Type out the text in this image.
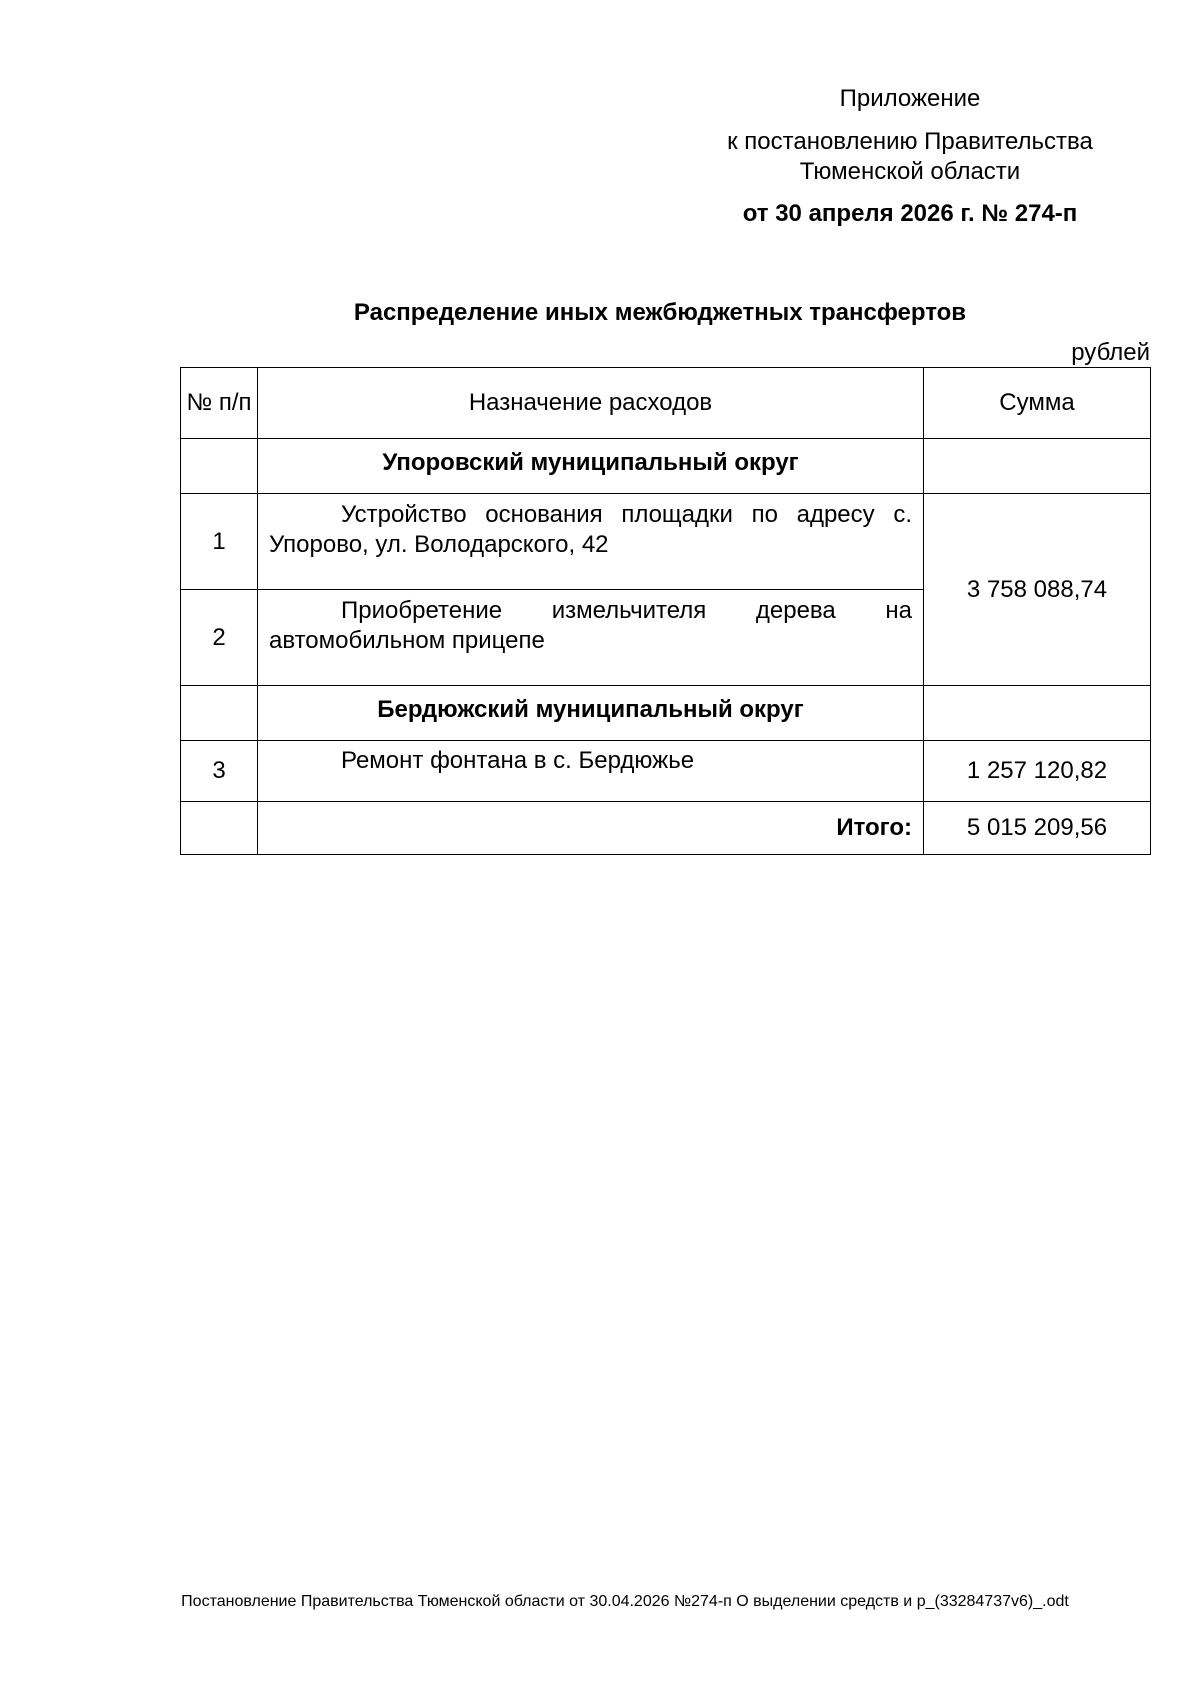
Приложение
к постановлению Правительства
Тюменской области
от 30 апреля 2026 г. № 274-п
Распределение иных межбюджетных трансфертов
рублей
№ п/п	Назначение расходов	Сумма
	Упоровский муниципальный округ	
1	Устройство основания площадки по адресу с. Упорово, ул. Володарского, 42	3 758 088,74
2	Приобретение измельчителя дерева на автомобильном прицепе	
	Бердюжский муниципальный округ	
3	Ремонт фонтана в с. Бердюжье	1 257 120,82
	Итого:	5 015 209,56
Постановление Правительства Тюменской области от 30.04.2026 №274-п О выделении средств и р_(33284737v6)_.odt
